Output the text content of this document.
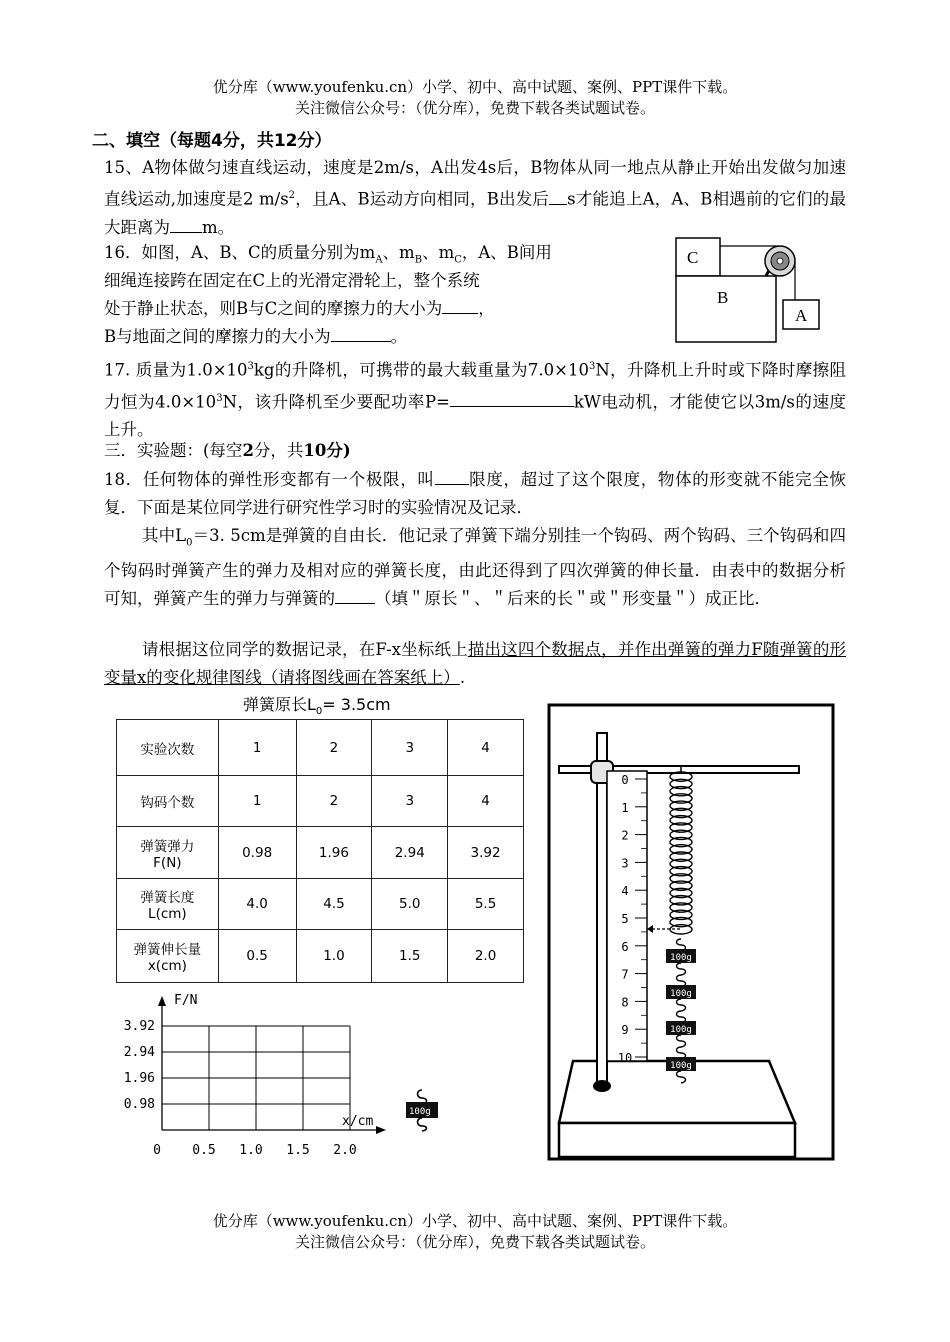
优分库（www.youfenku.cn）小学、初中、高中试题、案例、PPT课件下载。
关注微信公众号：（优分库），免费下载各类试题试卷。
二、填空（每题4分，共12分）
15、A物体做匀速直线运动，速度是2m/s，A出发4s后，B物体从同一地点从静止开始出发做匀加速直线运动,加速度是2 $m/s^2$，且A、B运动方向相同，B出发后 s才能追上A，A、B相遇前的它们的最大距离为 m。
16．如图，A、B、C的质量分别为$m_A$、$m_B$、$m_C$，A、B间用
细绳连接跨在固定在C上的光滑定滑轮上，整个系统
处于静止状态，则B与C之间的摩擦力的大小为 ，
B与地面之间的摩擦力的大小为	。
C
B
A
17. 质量为$1.0\times 10^3kg$的升降机，可携带的最大载重量为$7.0\times 10^3N$，升降机上升时或下降时摩擦阻力恒为$4.0\times 10^3N$，该升降机至少要配功率P=	kW电动机，才能使它以3m/s的速度上升。
三．实验题：(每空2分，共10分)
18．任何物体的弹性形变都有一个极限，叫 限度，超过了这个限度，物体的形变就不能完全恢复．下面是某位同学进行研究性学习时的实验情况及记录．
其中$L_0=3$. 5cm是弹簧的自由长．他记录了弹簧下端分别挂一个钩码、两个钩码、三个钩码和四个钩码时弹簧产生的弹力及相对应的弹簧长度，由此还得到了四次弹簧的伸长量．由表中的数据分析可知，弹簧产生的弹力与弹簧的 （填＂原长＂、＂后来的长＂或＂形变量＂）成正比．
请根据这位同学的数据记录，在F-x坐标纸上描出这四个数据点，并作出弹簧的弹力F随弹簧的形变量x的变化规律图线（请将图线画在答案纸上）.
弹簧原长$L_0= 3.5cm$
实验次数	1	2	3	4
钩码个数	1	2	3	4
弹簧弹力
F(N)	0.98	1.96	2.94	3.92
弹簧长度
L(cm)	4.0	4.5	5.0	5.5
弹簧伸长量
x(cm)	0.5	1.0	1.5	2.0
F/N
x/cm
3.92
2.94
1.96
0.98
0 0.5 1.0 1.5 2.0
100g
0
1
2
3
4
5
6
7
8
9
10
100g
100g
100g
100g
优分库（www.youfenku.cn）小学、初中、高中试题、案例、PPT课件下载。
关注微信公众号：（优分库），免费下载各类试题试卷。
